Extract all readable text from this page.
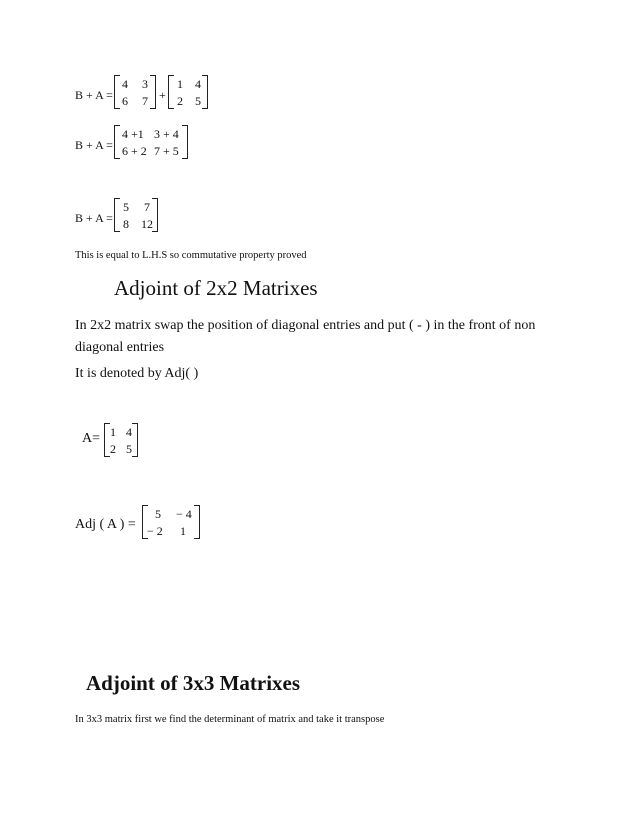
B + A =
4 3
6 7 +
1 4
2 5
B + A =
4 +1 3 + 4
6 + 2 7 + 5
B + A =
5 7
8 12
This is equal to L.H.S so commutative property proved
Adjoint of 2x2 Matrixes
In 2x2 matrix swap the position of diagonal entries and put ( - ) in the front of non
diagonal entries
It is denoted by Adj( )
A= 1 4
2 5
Adj ( A ) =
5 − 4
− 2 1
Adjoint of 3x3 Matrixes
In 3x3 matrix first we find the determinant of matrix and take it transpose
